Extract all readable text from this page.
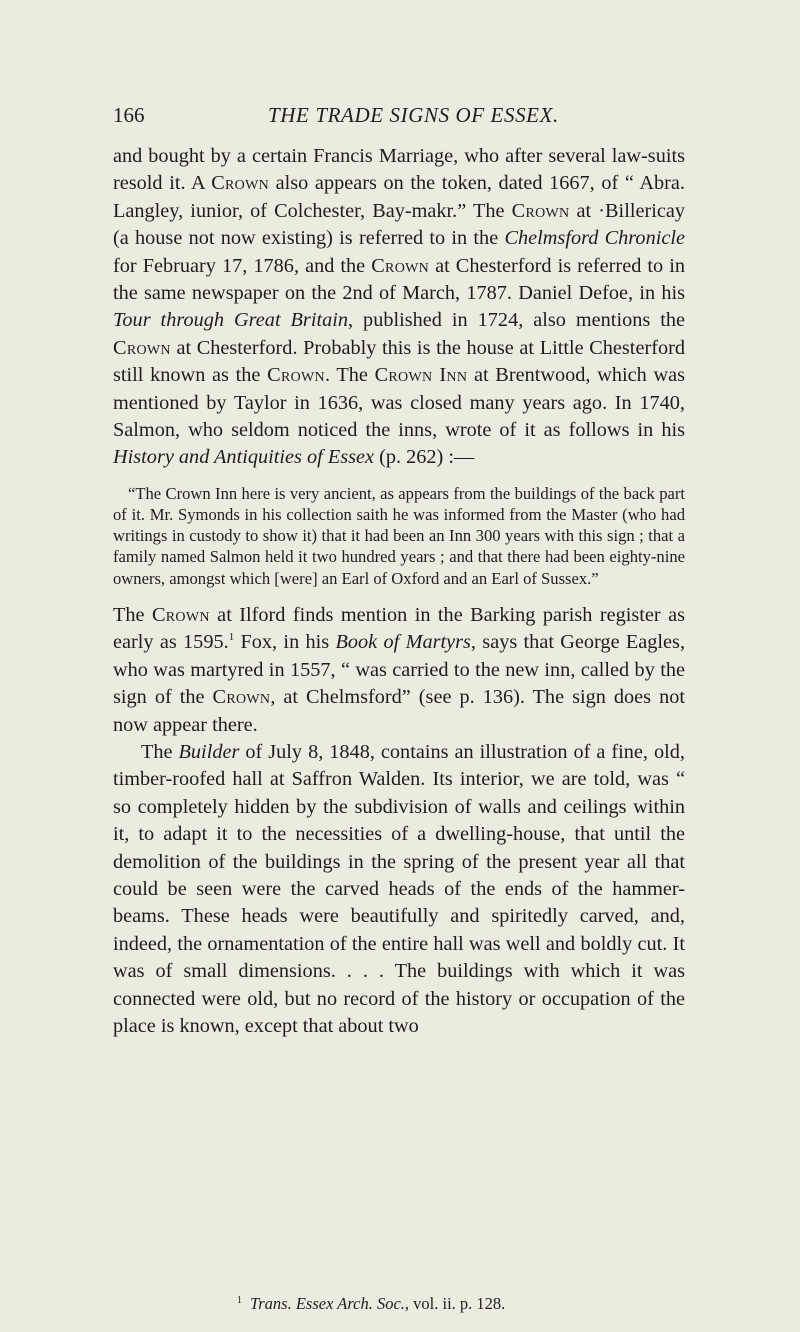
166	THE TRADE SIGNS OF ESSEX.

and bought by a certain Francis Marriage, who after several law-suits resold it. A Crown also appears on the token, dated 1667, of “ Abra. Langley, iunior, of Colchester, Bay-makr.” The Crown at ·Billericay (a house not now existing) is referred to in the Chelmsford Chronicle for February 17, 1786, and the Crown at Chesterford is referred to in the same newspaper on the 2nd of March, 1787. Daniel Defoe, in his Tour through Great Britain, published in 1724, also mentions the Crown at Chesterford. Probably this is the house at Little Chesterford still known as the Crown. The Crown Inn at Brentwood, which was mentioned by Taylor in 1636, was closed many years ago. In 1740, Salmon, who seldom noticed the inns, wrote of it as follows in his History and Antiquities of Essex (p. 262) :—

“The Crown Inn here is very ancient, as appears from the buildings of the back part of it. Mr. Symonds in his collection saith he was informed from the Master (who had writings in custody to show it) that it had been an Inn 300 years with this sign ; that a family named Salmon held it two hundred years ; and that there had been eighty-nine owners, amongst which [were] an Earl of Oxford and an Earl of Sussex.”

The Crown at Ilford finds mention in the Barking parish register as early as 1595.$^1$ Fox, in his Book of Martyrs, says that George Eagles, who was martyred in 1557, “ was carried to the new inn, called by the sign of the Crown, at Chelmsford” (see p. 136). The sign does not now appear there.

The Builder of July 8, 1848, contains an illustration of a fine, old, timber-roofed hall at Saffron Walden. Its interior, we are told, was “ so completely hidden by the subdivision of walls and ceilings within it, to adapt it to the necessities of a dwelling-house, that until the demolition of the buildings in the spring of the present year all that could be seen were the carved heads of the ends of the hammer-beams. These heads were beautifully and spiritedly carved, and, indeed, the ornamentation of the entire hall was well and boldly cut. It was of small dimensions. . . . The buildings with which it was connected were old, but no record of the history or occupation of the place is known, except that about two

$^1$ Trans. Essex Arch. Soc., vol. ii. p. 128.
